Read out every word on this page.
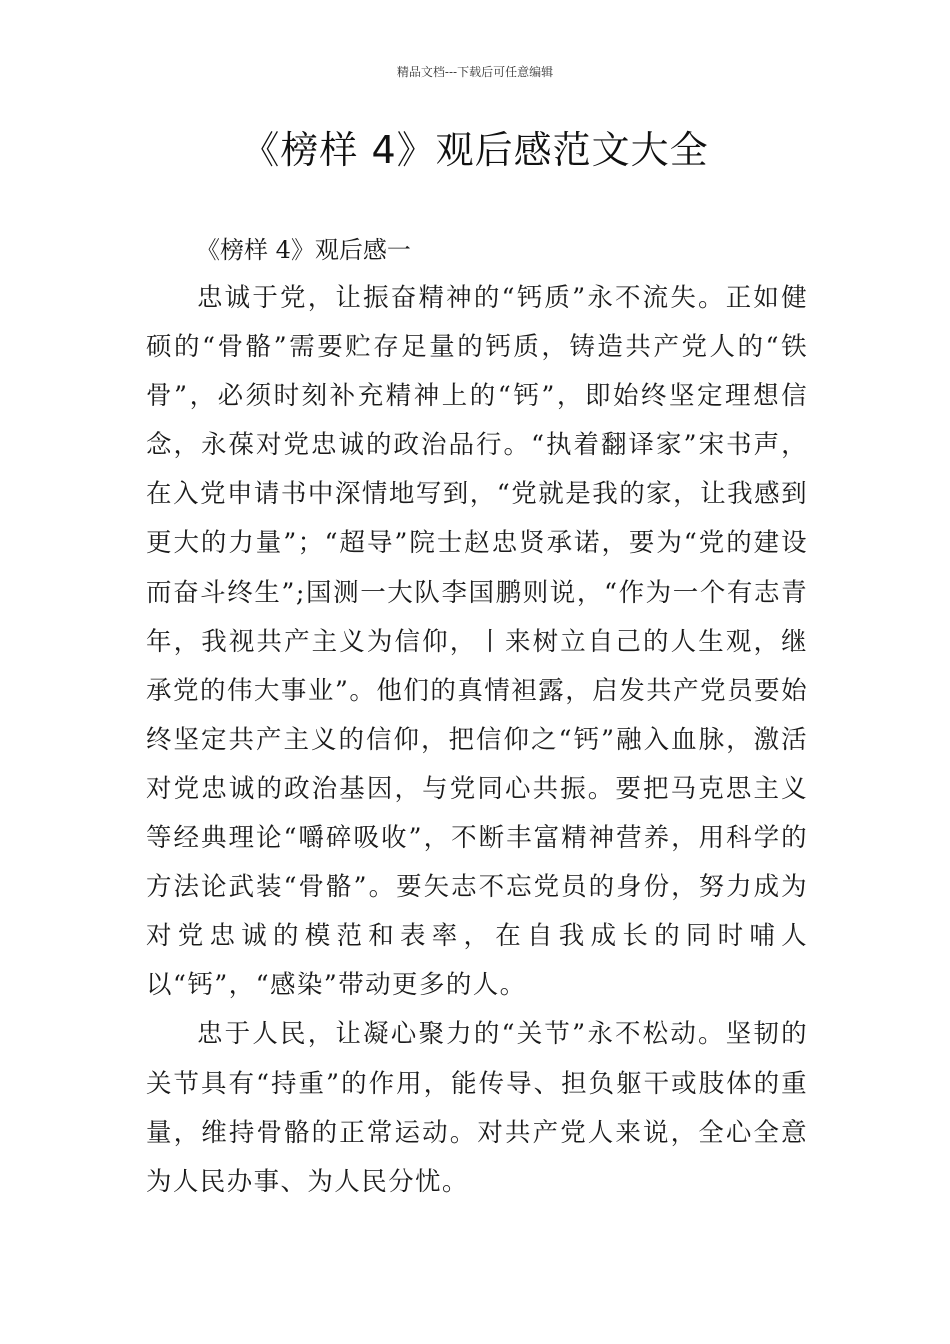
精品文档---下载后可任意编辑
《榜样 4》观后感范文大全
《榜样 4》观后感一

忠诚于党，让振奋精神的“钙质”永不流失。正如健硕的“骨骼”需要贮存足量的钙质，铸造共产党人的“铁骨”，必须时刻补充精神上的“钙”，即始终坚定理想信念，永葆对党忠诚的政治品行。“执着翻译家”宋书声，在入党申请书中深情地写到，“党就是我的家，让我感到更大的力量”；“超导”院士赵忠贤承诺，要为“党的建设而奋斗终生”;国测一大队李国鹏则说，“作为一个有志青年，我视共产主义为信仰，丨来树立自己的人生观，继承党的伟大事业”。他们的真情袒露，启发共产党员要始终坚定共产主义的信仰，把信仰之“钙”融入血脉，激活对党忠诚的政治基因，与党同心共振。要把马克思主义等经典理论“嚼碎吸收”，不断丰富精神营养，用科学的方法论武装“骨骼”。要矢志不忘党员的身份，努力成为对党忠诚的模范和表率，在自我成长的同时哺人以“钙”，“感染”带动更多的人。

忠于人民，让凝心聚力的“关节”永不松动。坚韧的关节具有“持重”的作用，能传导、担负躯干或肢体的重量，维持骨骼的正常运动。对共产党人来说，全心全意为人民办事、为人民分忧。
